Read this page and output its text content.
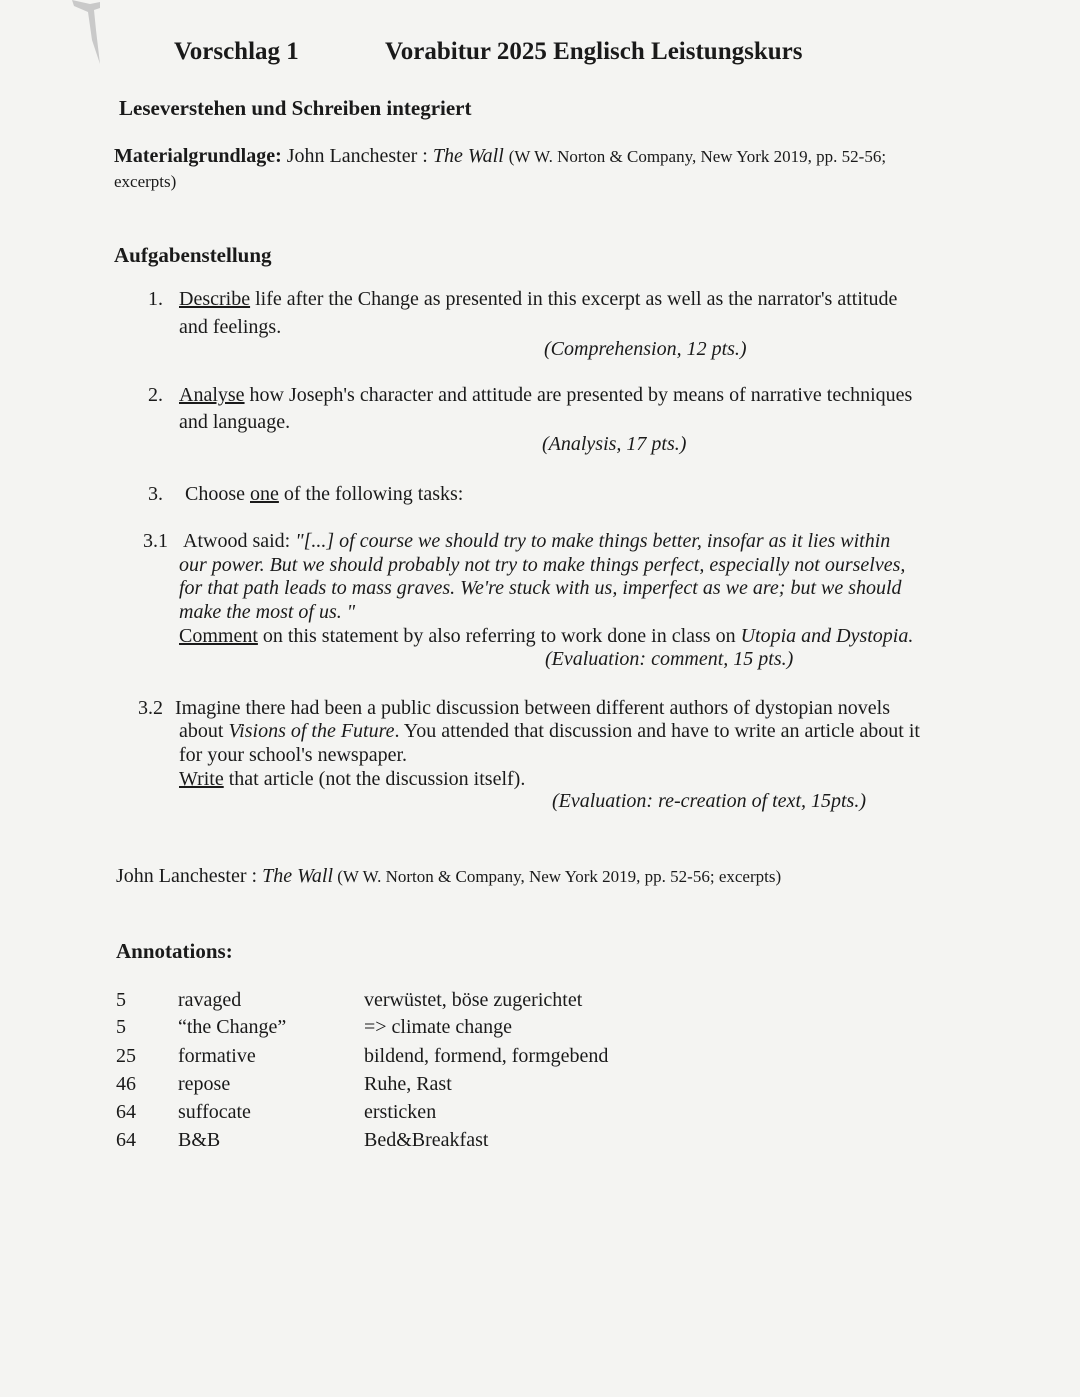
Vorschlag 1	Vorabitur 2025 Englisch Leistungskurs
Leseverstehen und Schreiben integriert
Materialgrundlage: John Lanchester : The Wall (W W. Norton & Company, New York 2019, pp. 52-56;
excerpts)
Aufgabenstellung
1. Describe life after the Change as presented in this excerpt as well as the narrator's attitude
and feelings.
(Comprehension, 12 pts.)
2. Analyse how Joseph's character and attitude are presented by means of narrative techniques
and language.
(Analysis, 17 pts.)
3. Choose one of the following tasks:
3.1 Atwood said: "[...] of course we should try to make things better, insofar as it lies within
our power. But we should probably not try to make things perfect, especially not ourselves,
for that path leads to mass graves. We're stuck with us, imperfect as we are; but we should
make the most of us. "
Comment on this statement by also referring to work done in class on Utopia and Dystopia.
(Evaluation: comment, 15 pts.)
3.2 Imagine there had been a public discussion between different authors of dystopian novels
about Visions of the Future. You attended that discussion and have to write an article about it
for your school's newspaper.
Write that article (not the discussion itself).
(Evaluation: re-creation of text, 15pts.)
John Lanchester : The Wall (W W. Norton & Company, New York 2019, pp. 52-56; excerpts)
Annotations:
5	ravaged	verwüstet, böse zugerichtet
5	“the Change”	=> climate change
25 formative	bildend, formend, formgebend
46 repose	Ruhe, Rast
64 suffocate	ersticken
64 B&B	Bed&Breakfast
